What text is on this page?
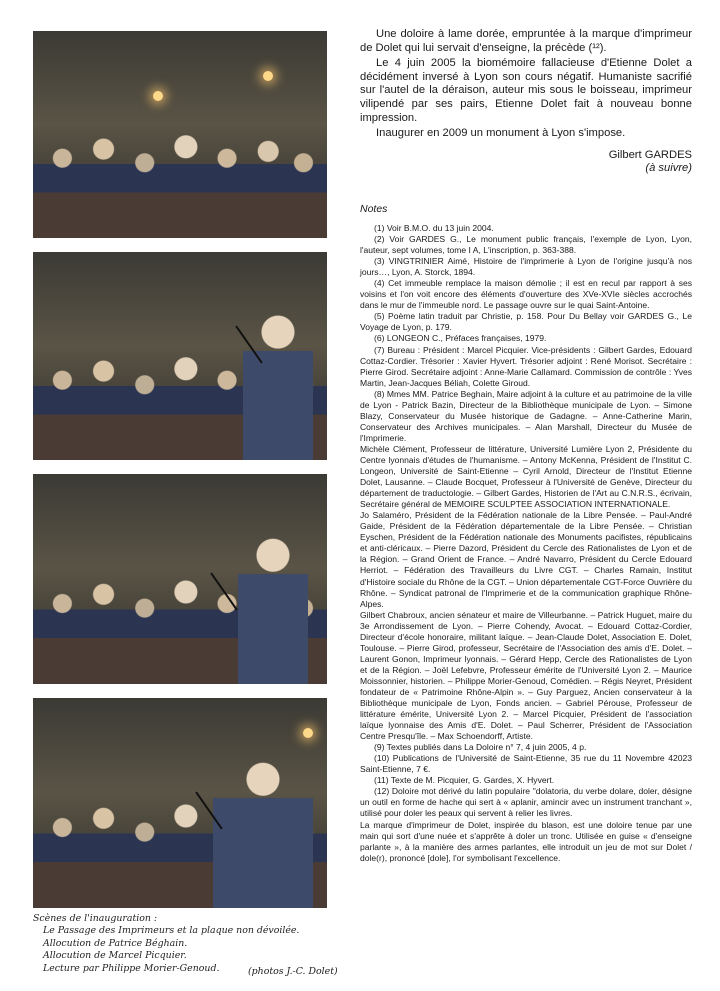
Scènes de l'inauguration :
Le Passage des Imprimeurs et la plaque non dévoilée.
Allocution de Patrice Béghain.
Allocution de Marcel Picquier.
Lecture par Philippe Morier-Genoud.	(photos J.-C. Dolet)

Une doloire à lame dorée, empruntée à la marque d'imprimeur de Dolet qui lui servait d'enseigne, la précède (¹²).

Le 4 juin 2005 la biomémoire fallacieuse d'Etienne Dolet a décidément inversé à Lyon son cours négatif. Humaniste sacrifié sur l'autel de la déraison, auteur mis sous le boisseau, imprimeur vilipendé par ses pairs, Etienne Dolet fait à nouveau bonne impression.

Inaugurer en 2009 un monument à Lyon s'impose.

Gilbert GARDES
(à suivre)
Notes

(1) Voir B.M.O. du 13 juin 2004.

(2) Voir GARDES G., Le monument public français, l'exemple de Lyon, Lyon, l'auteur, sept volumes, tome I A, L'inscription, p. 363-388.

(3) VINGTRINIER Aimé, Histoire de l'imprimerie à Lyon de l'origine jusqu'à nos jours…, Lyon, A. Storck, 1894.

(4) Cet immeuble remplace la maison démolie ; il est en recul par rapport à ses voisins et l'on voit encore des éléments d'ouverture des XVe-XVIe siècles accrochés dans le mur de l'immeuble nord. Le passage ouvre sur le quai Saint-Antoine.

(5) Poème latin traduit par Christie, p. 158. Pour Du Bellay voir GARDES G., Le Voyage de Lyon, p. 179.

(6) LONGEON C., Préfaces françaises, 1979.

(7) Bureau : Président : Marcel Picquier. Vice-présidents : Gilbert Gardes, Edouard Cottaz-Cordier. Trésorier : Xavier Hyvert. Trésorier adjoint : René Morisot. Secrétaire : Pierre Girod. Secrétaire adjoint : Anne-Marie Callamard. Commission de contrôle : Yves Martin, Jean-Jacques Béliah, Colette Giroud.

(8) Mmes MM. Patrice Beghain, Maire adjoint à la culture et au patrimoine de la ville de Lyon - Patrick Bazin, Directeur de la Bibliothèque municipale de Lyon. – Simone Blazy, Conservateur du Musée historique de Gadagne. – Anne-Catherine Marin, Conservateur des Archives municipales. – Alan Marshall, Directeur du Musée de l'Imprimerie.

Michèle Clément, Professeur de littérature, Université Lumière Lyon 2, Présidente du Centre lyonnais d'études de l'humanisme. – Antony McKenna, Président de l'Institut C. Longeon, Université de Saint-Etienne – Cyril Arnold, Directeur de l'Institut Etienne Dolet, Lausanne. – Claude Bocquet, Professeur à l'Université de Genève, Directeur du département de traductologie. – Gilbert Gardes, Historien de l'Art au C.N.R.S., écrivain, Secrétaire général de MEMOIRE SCULPTEE ASSOCIATION INTERNATIONALE.

Jo Salaméro, Président de la Fédération nationale de la Libre Pensée. – Paul-André Gaide, Président de la Fédération départementale de la Libre Pensée. – Christian Eyschen, Président de la Fédération nationale des Monuments pacifistes, républicains et anti-cléricaux. – Pierre Dazord, Président du Cercle des Rationalistes de Lyon et de la Région. – Grand Orient de France. – André Navarro, Président du Cercle Edouard Herriot. – Fédération des Travailleurs du Livre CGT. – Charles Ramain, Institut d'Histoire sociale du Rhône de la CGT. – Union départementale CGT-Force Ouvrière du Rhône. – Syndicat patronal de l'Imprimerie et de la communication graphique Rhône-Alpes.

Gilbert Chabroux, ancien sénateur et maire de Villeurbanne. – Patrick Huguet, maire du 3e Arrondissement de Lyon. – Pierre Cohendy, Avocat. – Edouard Cottaz-Cordier, Directeur d'école honoraire, militant laïque. – Jean-Claude Dolet, Association E. Dolet, Toulouse. – Pierre Girod, professeur, Secrétaire de l'Association des amis d'E. Dolet. – Laurent Gonon, Imprimeur lyonnais. – Gérard Hepp, Cercle des Rationalistes de Lyon et de la Région. – Joël Lefebvre, Professeur émérite de l'Université Lyon 2. – Maurice Moissonnier, historien. – Philippe Morier-Genoud, Comédien. – Régis Neyret, Président fondateur de « Patrimoine Rhône-Alpin ». – Guy Parguez, Ancien conservateur à la Bibliothèque municipale de Lyon, Fonds ancien. – Gabriel Pérouse, Professeur de littérature émérite, Université Lyon 2. – Marcel Picquier, Président de l'association laïque lyonnaise des Amis d'E. Dolet. – Paul Scherrer, Président de l'Association Centre Presqu'île. – Max Schoendorff, Artiste.

(9) Textes publiés dans La Doloire n° 7, 4 juin 2005, 4 p.

(10) Publications de l'Université de Saint-Etienne, 35 rue du 11 Novembre 42023 Saint-Etienne, 7 €.

(11) Texte de M. Picquier, G. Gardes, X. Hyvert.

(12) Doloire mot dérivé du latin populaire "dolatoria, du verbe dolare, doler, désigne un outil en forme de hache qui sert à « aplanir, amincir avec un instrument tranchant », utilisé pour doler les peaux qui servent à relier les livres.

La marque d'imprimeur de Dolet, inspirée du blason, est une doloire tenue par une main qui sort d'une nuée et s'apprête à doler un tronc. Utilisée en guise « d'enseigne parlante », à la manière des armes parlantes, elle introduit un jeu de mot sur Dolet / dole(r), prononcé [dole], l'or symbolisant l'excellence.
